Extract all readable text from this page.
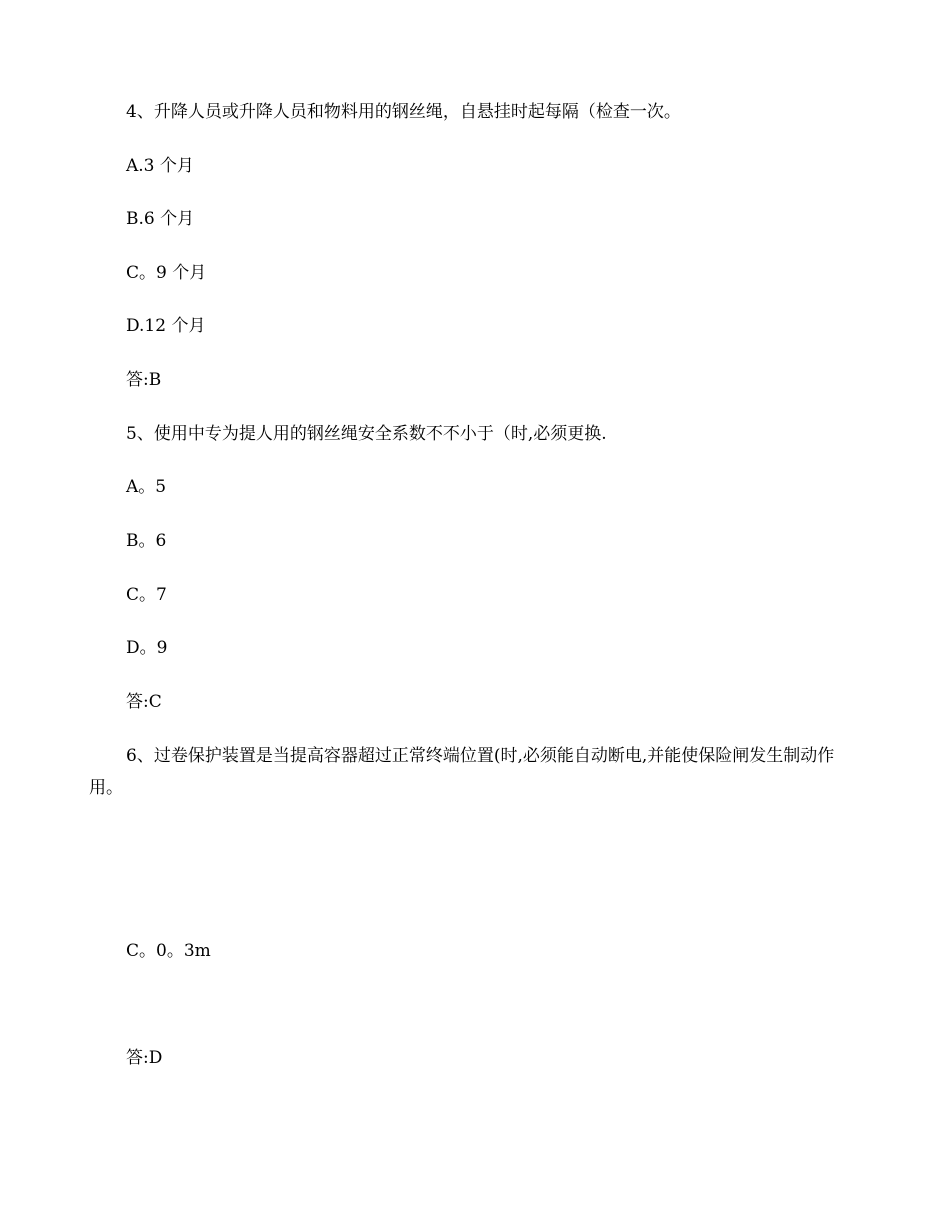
4、升降人员或升降人员和物料用的钢丝绳，自悬挂时起每隔（检查一次。
A.3 个月
B.6 个月
C。9 个月
D.12 个月
答:B
5、使用中专为提人用的钢丝绳安全系数不不小于（时,必须更换.
A。5
B。6
C。7
D。9
答:C
6、过卷保护装置是当提高容器超过正常终端位置(时,必须能自动断电,并能使保险闸发生制动作用。
C。0。3m
答:D
